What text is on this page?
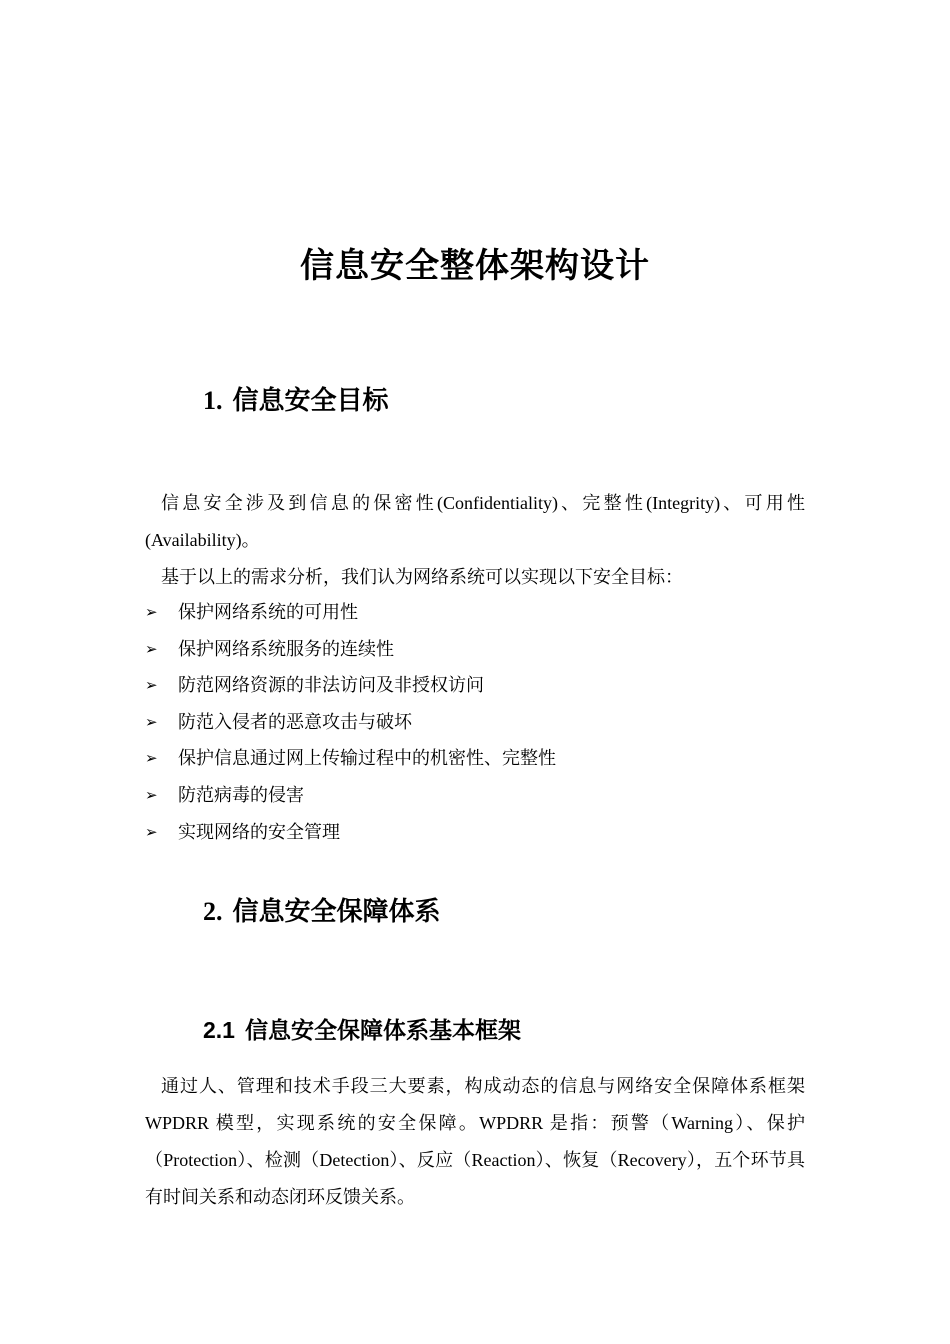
信息安全整体架构设计
1. 信息安全目标

信息安全涉及到信息的保密性(Confidentiality)、完整性(Integrity)、可用性(Availability)。

基于以上的需求分析，我们认为网络系统可以实现以下安全目标：

➢ 保护网络系统的可用性
➢ 保护网络系统服务的连续性
➢ 防范网络资源的非法访问及非授权访问
➢ 防范入侵者的恶意攻击与破坏
➢ 保护信息通过网上传输过程中的机密性、完整性
➢ 防范病毒的侵害
➢ 实现网络的安全管理
2. 信息安全保障体系
2.1 信息安全保障体系基本框架

通过人、管理和技术手段三大要素，构成动态的信息与网络安全保障体系框架 WPDRR 模型，实现系统的安全保障。WPDRR 是指：预警（Warning）、保护（Protection）、检测（Detection）、反应（Reaction）、恢复（Recovery），五个环节具有时间关系和动态闭环反馈关系。
